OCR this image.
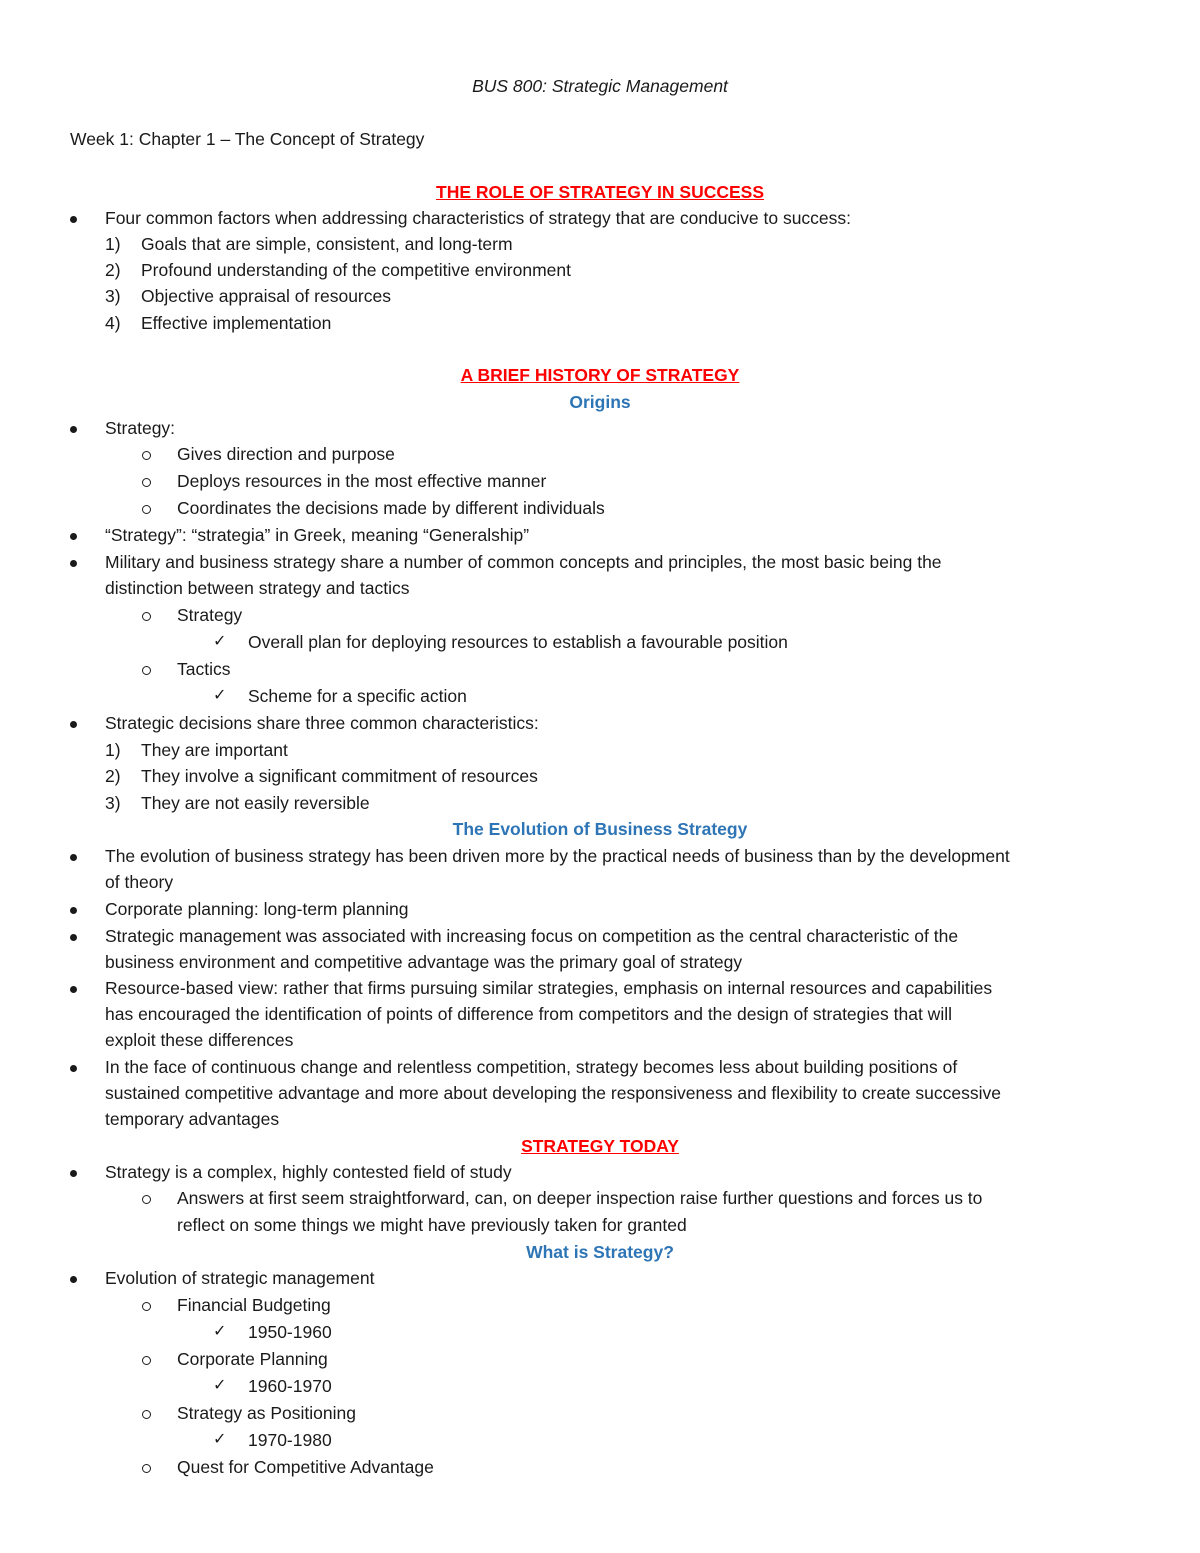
BUS 800: Strategic Management

Week 1: Chapter 1 – The Concept of Strategy

THE ROLE OF STRATEGY IN SUCCESS

Four common factors when addressing characteristics of strategy that are conducive to success:

1) Goals that are simple, consistent, and long-term

2) Profound understanding of the competitive environment

3) Objective appraisal of resources

4) Effective implementation

A BRIEF HISTORY OF STRATEGY

Origins

Strategy:

Gives direction and purpose

Deploys resources in the most effective manner

Coordinates the decisions made by different individuals

“Strategy”: “strategia” in Greek, meaning “Generalship”

Military and business strategy share a number of common concepts and principles, the most basic being the

distinction between strategy and tactics

Strategy

✓ Overall plan for deploying resources to establish a favourable position

Tactics

✓ Scheme for a specific action

Strategic decisions share three common characteristics:

1) They are important

2) They involve a significant commitment of resources

3) They are not easily reversible

The Evolution of Business Strategy

The evolution of business strategy has been driven more by the practical needs of business than by the development

of theory

Corporate planning: long-term planning

Strategic management was associated with increasing focus on competition as the central characteristic of the

business environment and competitive advantage was the primary goal of strategy

Resource-based view: rather that firms pursuing similar strategies, emphasis on internal resources and capabilities

has encouraged the identification of points of difference from competitors and the design of strategies that will

exploit these differences

In the face of continuous change and relentless competition, strategy becomes less about building positions of

sustained competitive advantage and more about developing the responsiveness and flexibility to create successive

temporary advantages

STRATEGY TODAY

Strategy is a complex, highly contested field of study

Answers at first seem straightforward, can, on deeper inspection raise further questions and forces us to

reflect on some things we might have previously taken for granted

What is Strategy?

Evolution of strategic management

Financial Budgeting

✓ 1950-1960

Corporate Planning

✓ 1960-1970

Strategy as Positioning

✓ 1970-1980

Quest for Competitive Advantage
